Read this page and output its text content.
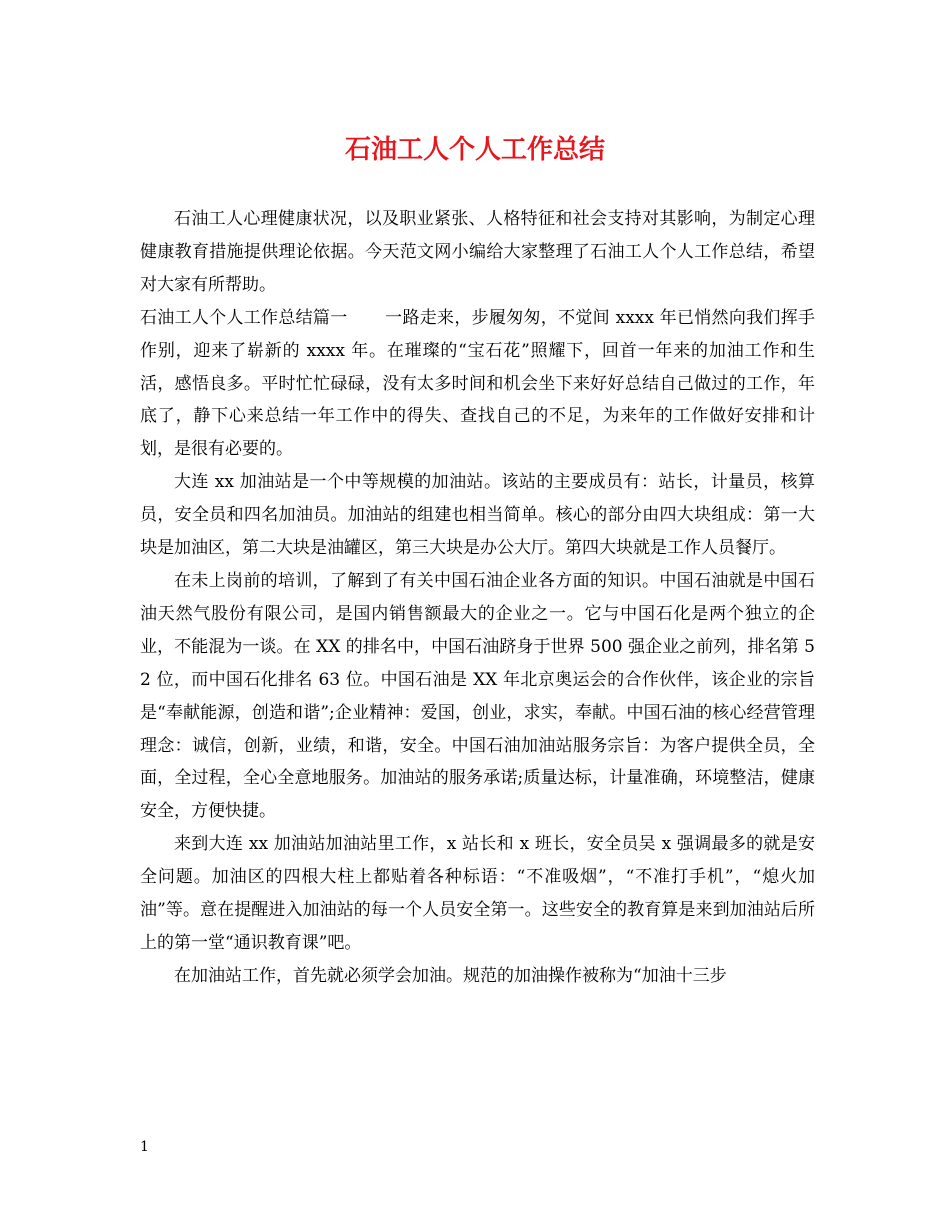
石油工人个人工作总结

石油工人心理健康状况，以及职业紧张、人格特征和社会支持对其影响，为制定心理健康教育措施提供理论依据。今天范文网小编给大家整理了石油工人个人工作总结，希望对大家有所帮助。

石油工人个人工作总结篇一 一路走来，步履匆匆，不觉间 xxxx 年已悄然向我们挥手作别，迎来了崭新的 xxxx 年。在璀璨的“宝石花”照耀下，回首一年来的加油工作和生活，感悟良多。平时忙忙碌碌，没有太多时间和机会坐下来好好总结自己做过的工作，年底了，静下心来总结一年工作中的得失、查找自己的不足，为来年的工作做好安排和计划，是很有必要的。

大连 xx 加油站是一个中等规模的加油站。该站的主要成员有：站长，计量员，核算员，安全员和四名加油员。加油站的组建也相当简单。核心的部分由四大块组成：第一大块是加油区，第二大块是油罐区，第三大块是办公大厅。第四大块就是工作人员餐厅。

在未上岗前的培训，了解到了有关中国石油企业各方面的知识。中国石油就是中国石油天然气股份有限公司，是国内销售额最大的企业之一。它与中国石化是两个独立的企业，不能混为一谈。在 XX 的排名中，中国石油跻身于世界 500 强企业之前列，排名第 52 位，而中国石化排名 63 位。中国石油是 XX 年北京奥运会的合作伙伴，该企业的宗旨是“奉献能源，创造和谐”;企业精神：爱国，创业，求实，奉献。中国石油的核心经营管理理念：诚信，创新，业绩，和谐，安全。中国石油加油站服务宗旨：为客户提供全员，全面，全过程，全心全意地服务。加油站的服务承诺;质量达标，计量准确，环境整洁，健康安全，方便快捷。

来到大连 xx 加油站加油站里工作，x 站长和 x 班长，安全员吴 x 强调最多的就是安全问题。加油区的四根大柱上都贴着各种标语：“不准吸烟”，“不准打手机”，“熄火加油”等。意在提醒进入加油站的每一个人员安全第一。这些安全的教育算是来到加油站后所上的第一堂“通识教育课”吧。

在加油站工作，首先就必须学会加油。规范的加油操作被称为“加油十三步

1
